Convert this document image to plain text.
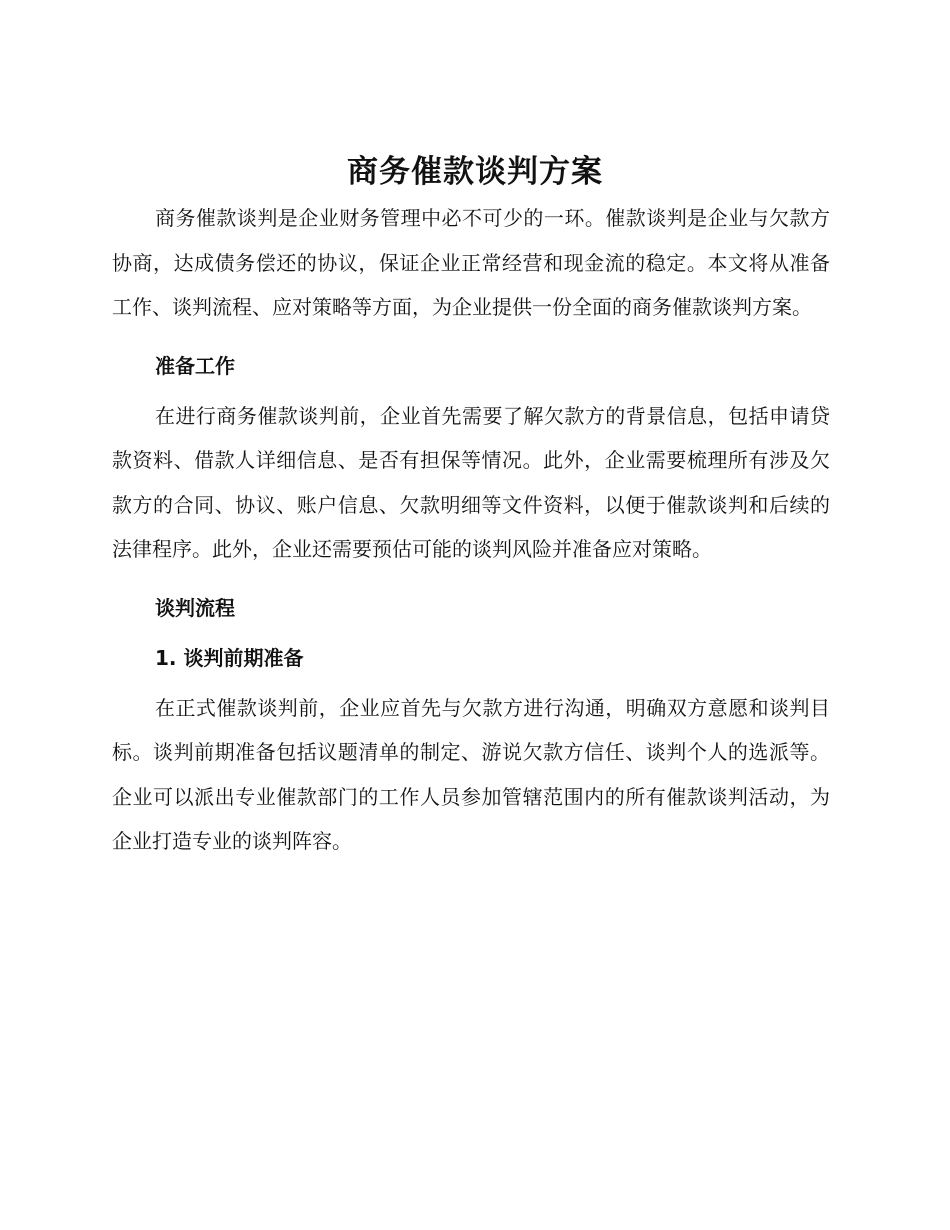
商务催款谈判方案

商务催款谈判是企业财务管理中必不可少的一环。催款谈判是企业与欠款方协商，达成债务偿还的协议，保证企业正常经营和现金流的稳定。本文将从准备工作、谈判流程、应对策略等方面，为企业提供一份全面的商务催款谈判方案。

准备工作

在进行商务催款谈判前，企业首先需要了解欠款方的背景信息，包括申请贷款资料、借款人详细信息、是否有担保等情况。此外，企业需要梳理所有涉及欠款方的合同、协议、账户信息、欠款明细等文件资料，以便于催款谈判和后续的法律程序。此外，企业还需要预估可能的谈判风险并准备应对策略。

谈判流程
1. 谈判前期准备

在正式催款谈判前，企业应首先与欠款方进行沟通，明确双方意愿和谈判目标。谈判前期准备包括议题清单的制定、游说欠款方信任、谈判个人的选派等。企业可以派出专业催款部门的工作人员参加管辖范围内的所有催款谈判活动，为企业打造专业的谈判阵容。
